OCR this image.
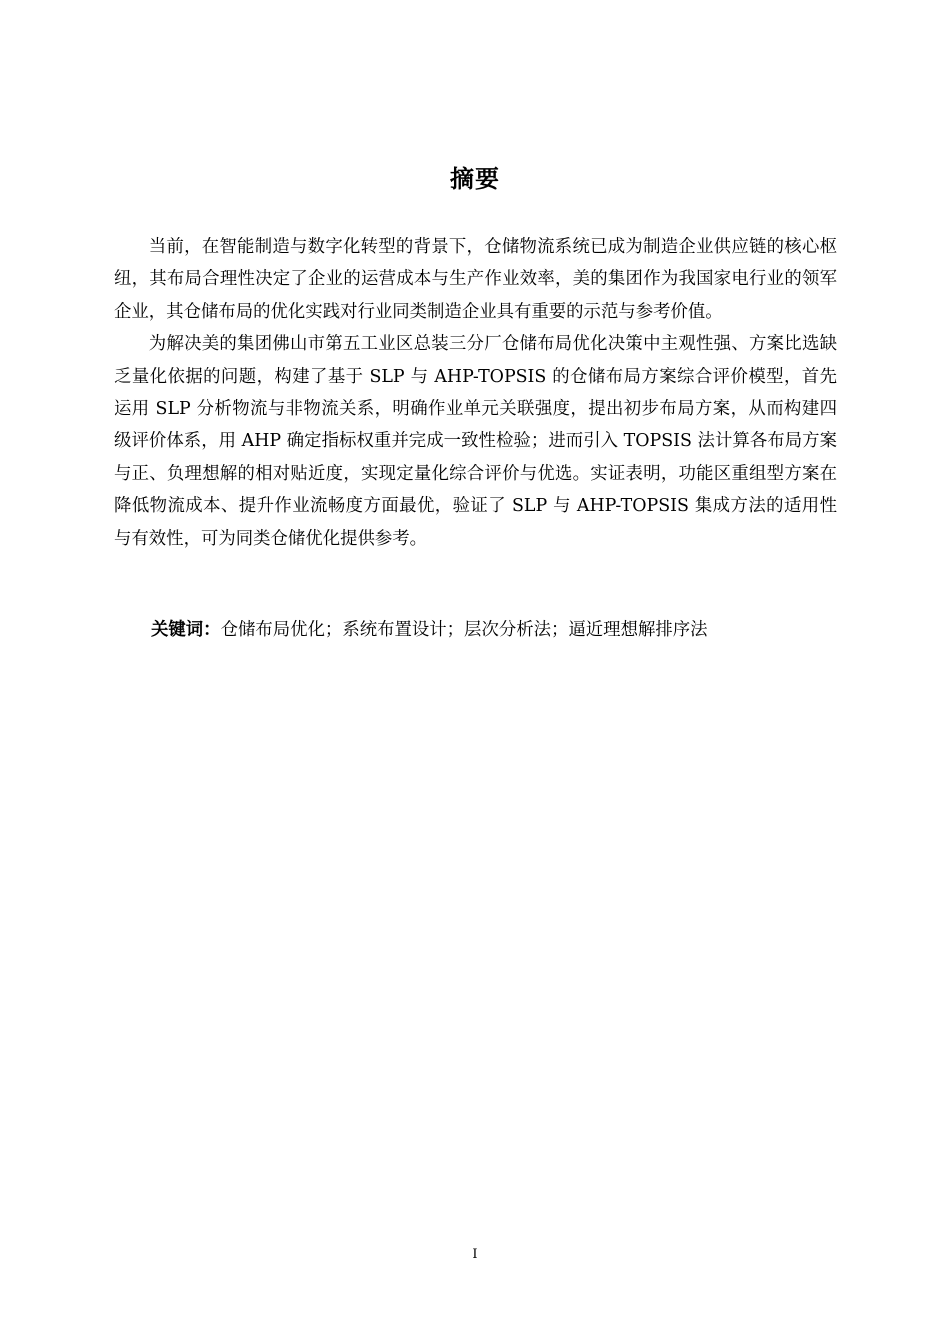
摘要

当前，在智能制造与数字化转型的背景下，仓储物流系统已成为制造企业供应链的核心枢纽，其布局合理性决定了企业的运营成本与生产作业效率，美的集团作为我国家电行业的领军企业，其仓储布局的优化实践对行业同类制造企业具有重要的示范与参考价值。

为解决美的集团佛山市第五工业区总装三分厂仓储布局优化决策中主观性强、方案比选缺乏量化依据的问题，构建了基于 SLP 与 AHP-TOPSIS 的仓储布局方案综合评价模型，首先运用 SLP 分析物流与非物流关系，明确作业单元关联强度，提出初步布局方案，从而构建四级评价体系，用 AHP 确定指标权重并完成一致性检验；进而引入 TOPSIS 法计算各布局方案与正、负理想解的相对贴近度，实现定量化综合评价与优选。实证表明，功能区重组型方案在降低物流成本、提升作业流畅度方面最优，验证了 SLP 与 AHP-TOPSIS 集成方法的适用性与有效性，可为同类仓储优化提供参考。

关键词：仓储布局优化；系统布置设计；层次分析法；逼近理想解排序法
I
